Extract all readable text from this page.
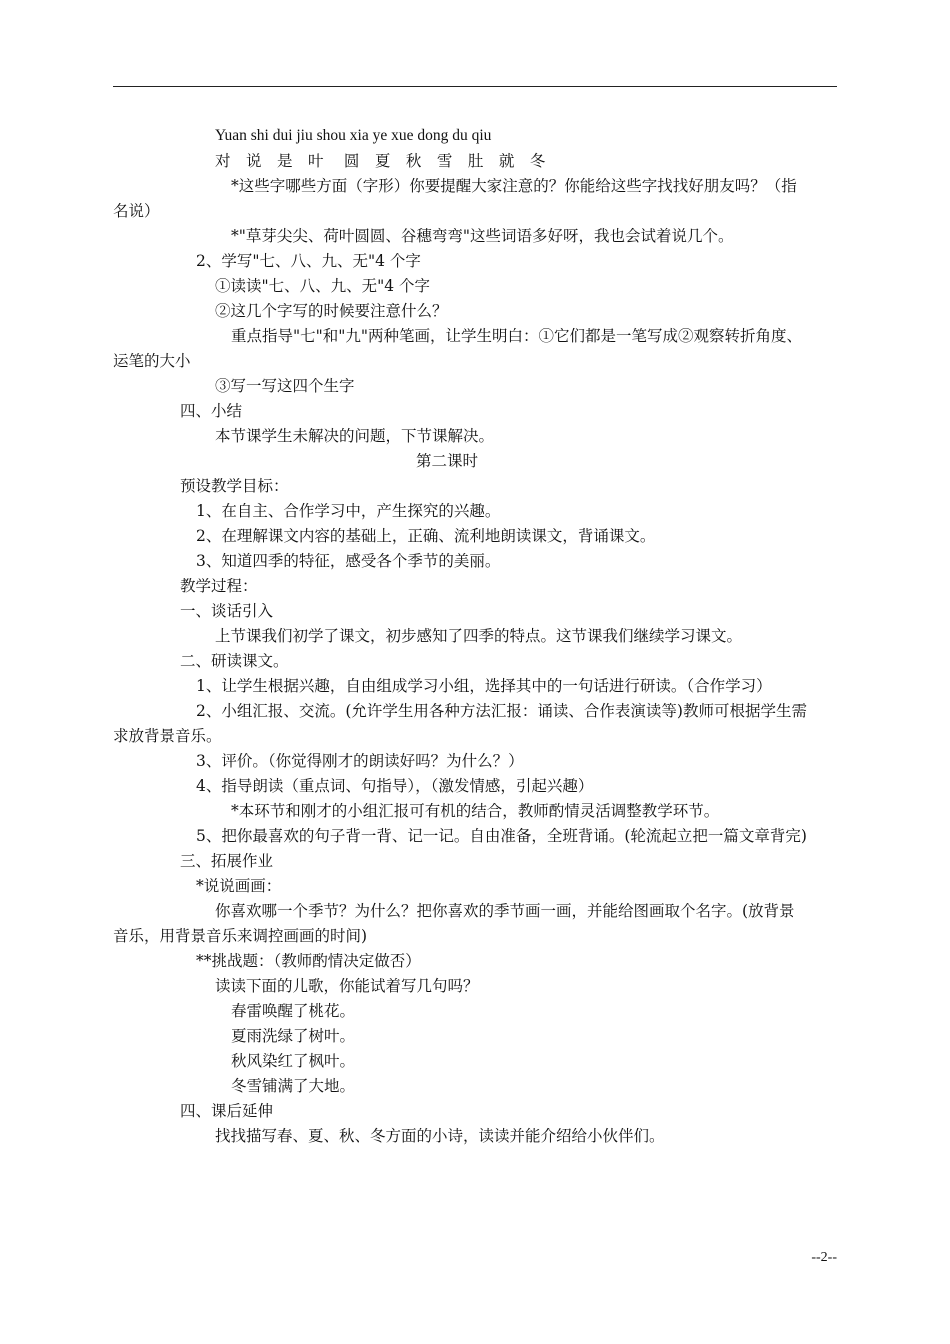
Yuan shi dui jiu shou xia ye xue dong du qiu
对　说　是　叶　 圆　夏　秋　雪　肚　就　冬
*这些字哪些方面（字形）你要提醒大家注意的？你能给这些字找找好朋友吗？（指
名说）
*"草芽尖尖、荷叶圆圆、谷穗弯弯"这些词语多好呀，我也会试着说几个。
2、学写"七、八、九、无"4 个字
①读读"七、八、九、无"4 个字
②这几个字写的时候要注意什么？
重点指导"七"和"九"两种笔画，让学生明白：①它们都是一笔写成②观察转折角度、
运笔的大小
③写一写这四个生字
四、小结
本节课学生未解决的问题，下节课解决。
第二课时
预设教学目标：
1、在自主、合作学习中，产生探究的兴趣。
2、在理解课文内容的基础上，正确、流利地朗读课文，背诵课文。
3、知道四季的特征，感受各个季节的美丽。
教学过程：
一、谈话引入
上节课我们初学了课文，初步感知了四季的特点。这节课我们继续学习课文。
二、研读课文。
1、让学生根据兴趣，自由组成学习小组，选择其中的一句话进行研读。（合作学习）
2、小组汇报、交流。(允许学生用各种方法汇报：诵读、合作表演读等)教师可根据学生需
求放背景音乐。
3、评价。（你觉得刚才的朗读好吗？为什么？）
4、指导朗读（重点词、句指导），（激发情感，引起兴趣）
*本环节和刚才的小组汇报可有机的结合，教师酌情灵活调整教学环节。
5、把你最喜欢的句子背一背、记一记。自由准备，全班背诵。(轮流起立把一篇文章背完)
三、拓展作业
*说说画画：
你喜欢哪一个季节？为什么？把你喜欢的季节画一画，并能给图画取个名字。(放背景
音乐，用背景音乐来调控画画的时间)
**挑战题：（教师酌情决定做否）
读读下面的儿歌，你能试着写几句吗？
春雷唤醒了桃花。
夏雨洗绿了树叶。
秋风染红了枫叶。
冬雪铺满了大地。
四、课后延伸
找找描写春、夏、秋、冬方面的小诗，读读并能介绍给小伙伴们。
--2--
